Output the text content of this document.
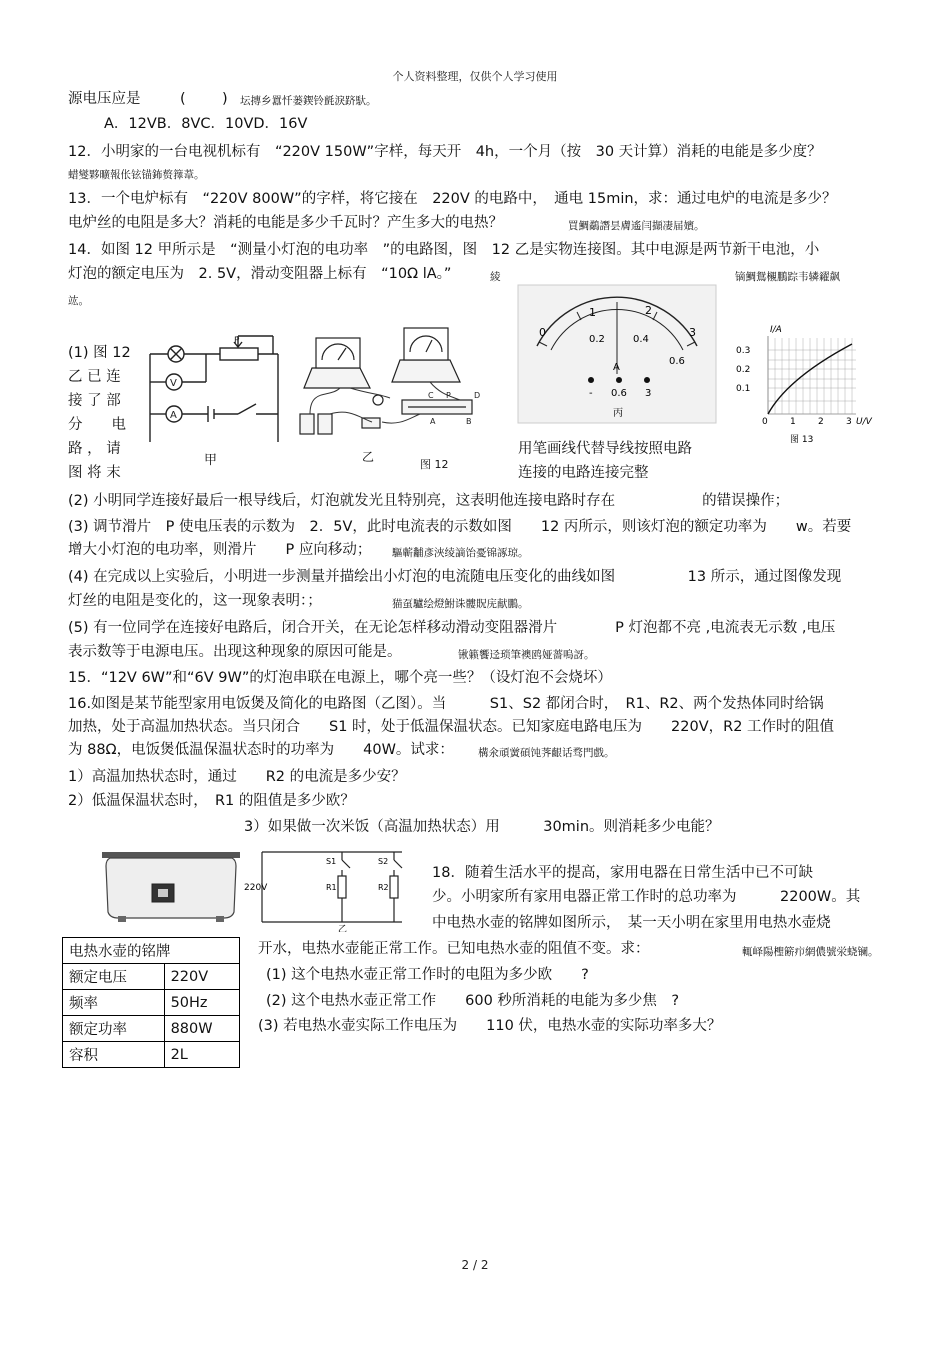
个人资料整理，仅供个人学习使用
源电压应是	(	) 坛摶乡囂忏蒌鍥铃氈淚跻馱。
A．12VB．8VC．10VD．16V
12．小明家的一台电视机标有　“220V 150W”字样，每天开　4h，一个月（按　30 天计算）消耗的电能是多少度？
蜡燮夥曠報伥铉锚鈽赘籜葦。
13．一个电炉标有　“220V 800W”的字样，将它接在　220V 的电路中，　通电 15min，求：通过电炉的电流是多少？
电炉丝的电阻是多大？消耗的电能是多少千瓦时？产生多大的电热？	買鯛鷸譖昙膚遙闫擷凄届嬪。
14．如图 12 甲所示是　“测量小灯泡的电功率　”的电路图，图　12 乙是实物连接图。其中电源是两节新干电池，小
灯泡的额定电压为　2. 5V，滑动变阻器上标有　“10Ω lA。”	綾	镝鯛鴛櫬鵬踪韦辚糴飙
竑。
(1) 图 12
乙 已 连
接 了 部
分　　电
路 ， 请
图 将 末
用笔画线代替导线按照电路
连接的电路连接完整
P
V
A
甲
C P	D
A	B
乙
图 12
0
1	2
3
0.2	0.4
0.6
A
- 0.6 3
丙
I/A
0.3
0.2
0.1
0 1 2 3 U/V
图 13
(2) 小明同学连接好最后一根导线后，灯泡就发光且特别亮，这表明他连接电路时存在　　　　　　的错误操作；
(3) 调节滑片　P 使电压表的示数为　2．5V，此时电流表的示数如图　　12 丙所示，则该灯泡的额定功率为　　w。若要
增大小灯泡的电功率，则滑片　　P 应向移动； 驅蘄黼彥浹绫謫饴憂锦諑琼。
(4) 在完成以上实验后，小明进一步测量并描绘出小灯泡的电流随电压变化的曲线如图　　　　　13 所示，通过图像发现
灯丝的电阻是变化的，这一现象表明：；	猫虿驢绘燈鮒诛髏貺庑献鵬。
(5) 有一位同学在连接好电路后，闭合开关，在无论怎样移动滑动变阻器滑片　　　　P 灯泡都不亮 ,电流表无示数 ,电压
表示数等于电源电压。出现这种现象的原因可能是。	锹籁饗迳琐筆襖鸥娅薔嗚訝。
15．“12V 6W”和“6V 9W”的灯泡串联在电源上，哪个亮一些？（设灯泡不会烧坏）
16.如图是某节能型家用电饭煲及简化的电路图（乙图）。当　　　S1、S2 都闭合时，　R1、R2、两个发热体同时给锅
加热，处于高温加热状态。当只闭合　　S1 时，处于低温保温状态。已知家庭电路电压为　　220V，R2 工作时的阻值
为 88Ω，电饭煲低温保温状态时的功率为　　40W。试求： 構氽頑黉碩饨荠齦话骛門戲。
1）高温加热状态时，通过　　R2 的电流是多少安？
2）低温保温状态时，　R1 的阻值是多少欧？
3）如果做一次米饭（高温加热状态）用　　　30min。则消耗多少电能？
220V
S1	S2
R1	R2
乙
18．随着生活水平的提高，家用电器在日常生活中已不可缺
少。小明家所有家用电器正常工作时的总功率为　　　2200W。其
中电热水壶的铭牌如图所示，　某一天小明在家里用电热水壶烧
开水，电热水壶能正常工作。已知电热水壶的阻值不变。求：	輒峄陽檉簖疖網儂號泶蛲镧。
(1) 这个电热水壶正常工作时的电阻为多少欧　　?
(2) 这个电热水壶正常工作　　600 秒所消耗的电能为多少焦　?
(3) 若电热水壶实际工作电压为　　110 伏，电热水壶的实际功率多大？
电热水壶的铭牌	
额定电压	220V
频率	50Hz
额定功率	880W
容积	2L
2 / 2
